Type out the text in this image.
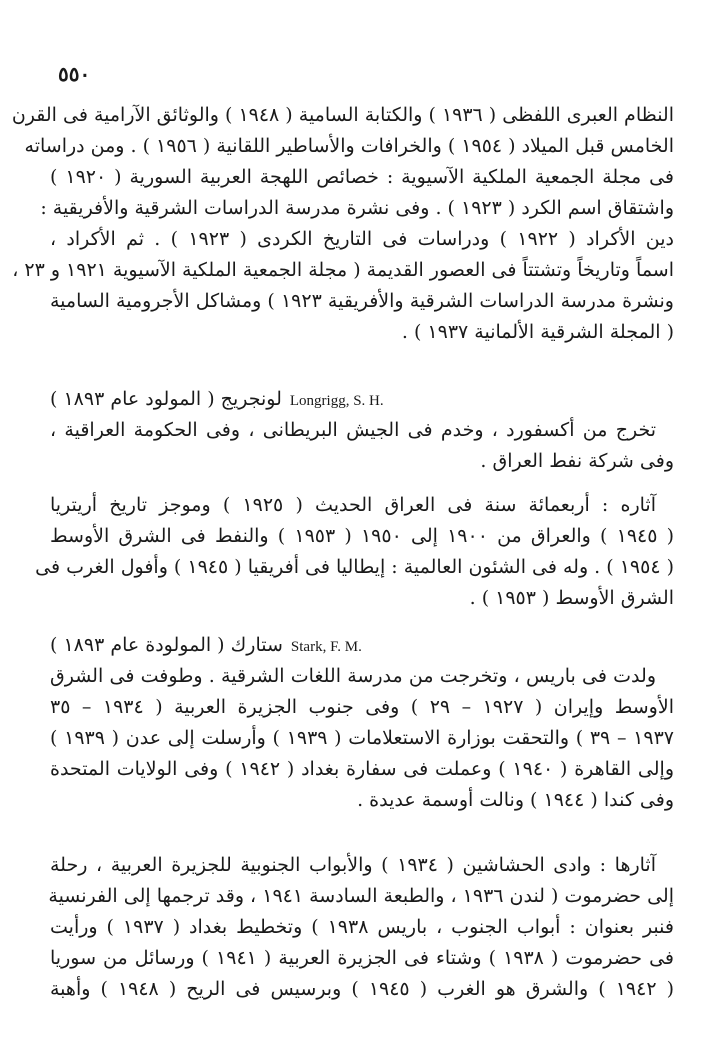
٥٥٠
النظام العبرى اللفظى ( ١٩٣٦ ) والكتابة السامية ( ١٩٤٨ ) والوثائق الآرامية فى القرن
الخامس قبل الميلاد ( ١٩٥٤ ) والخرافات والأساطير اللقانية ( ١٩٥٦ ) . ومن دراساته
فى مجلة الجمعية الملكية الآسيوية : خصائص اللهجة العربية السورية ( ١٩٢٠ )
واشتقاق اسم الكرد ( ١٩٢٣ ) . وفى نشرة مدرسة الدراسات الشرقية والأفريقية :
دين الأكراد ( ١٩٢٢ ) ودراسات فى التاريخ الكردى ( ١٩٢٣ ) . ثم الأكراد ،
اسماً وتاريخاً وتشتتاً فى العصور القديمة ( مجلة الجمعية الملكية الآسيوية ١٩٢١ و ٢٣ ،
ونشرة مدرسة الدراسات الشرقية والأفريقية ١٩٢٣ ) ومشاكل الأجرومية السامية
( المجلة الشرقية الألمانية ١٩٣٧ ) .
لونجريج ( المولود عام ١٨٩٣ ) Longrigg, S. H.
تخرج من أكسفورد ، وخدم فى الجيش البريطانى ، وفى الحكومة العراقية ،
وفى شركة نفط العراق .
آثاره : أربعمائة سنة فى العراق الحديث ( ١٩٢٥ ) وموجز تاريخ أريتريا
( ١٩٤٥ ) والعراق من ١٩٠٠ إلى ١٩٥٠ ( ١٩٥٣ ) والنفط فى الشرق الأوسط
( ١٩٥٤ ) . وله فى الشئون العالمية : إيطاليا فى أفريقيا ( ١٩٤٥ ) وأفول الغرب فى
الشرق الأوسط ( ١٩٥٣ ) .
ستارك ( المولودة عام ١٨٩٣ ) Stark, F. M.
ولدت فى باريس ، وتخرجت من مدرسة اللغات الشرقية . وطوفت فى الشرق
الأوسط وإيران ( ١٩٢٧ – ٢٩ ) وفى جنوب الجزيرة العربية ( ١٩٣٤ – ٣٥
١٩٣٧ – ٣٩ ) والتحقت بوزارة الاستعلامات ( ١٩٣٩ ) وأرسلت إلى عدن ( ١٩٣٩ )
وإلى القاهرة ( ١٩٤٠ ) وعملت فى سفارة بغداد ( ١٩٤٢ ) وفى الولايات المتحدة
وفى كندا ( ١٩٤٤ ) ونالت أوسمة عديدة .
آثارها : وادى الحشاشين ( ١٩٣٤ ) والأبواب الجنوبية للجزيرة العربية ، رحلة
إلى حضرموت ( لندن ١٩٣٦ ، والطبعة السادسة ١٩٤١ ، وقد ترجمها إلى الفرنسية
فنبر بعنوان : أبواب الجنوب ، باريس ١٩٣٨ ) وتخطيط بغداد ( ١٩٣٧ ) ورأيت
فى حضرموت ( ١٩٣٨ ) وشتاء فى الجزيرة العربية ( ١٩٤١ ) ورسائل من سوريا
( ١٩٤٢ ) والشرق هو الغرب ( ١٩٤٥ ) وبرسيس فى الريح ( ١٩٤٨ ) وأهبة
